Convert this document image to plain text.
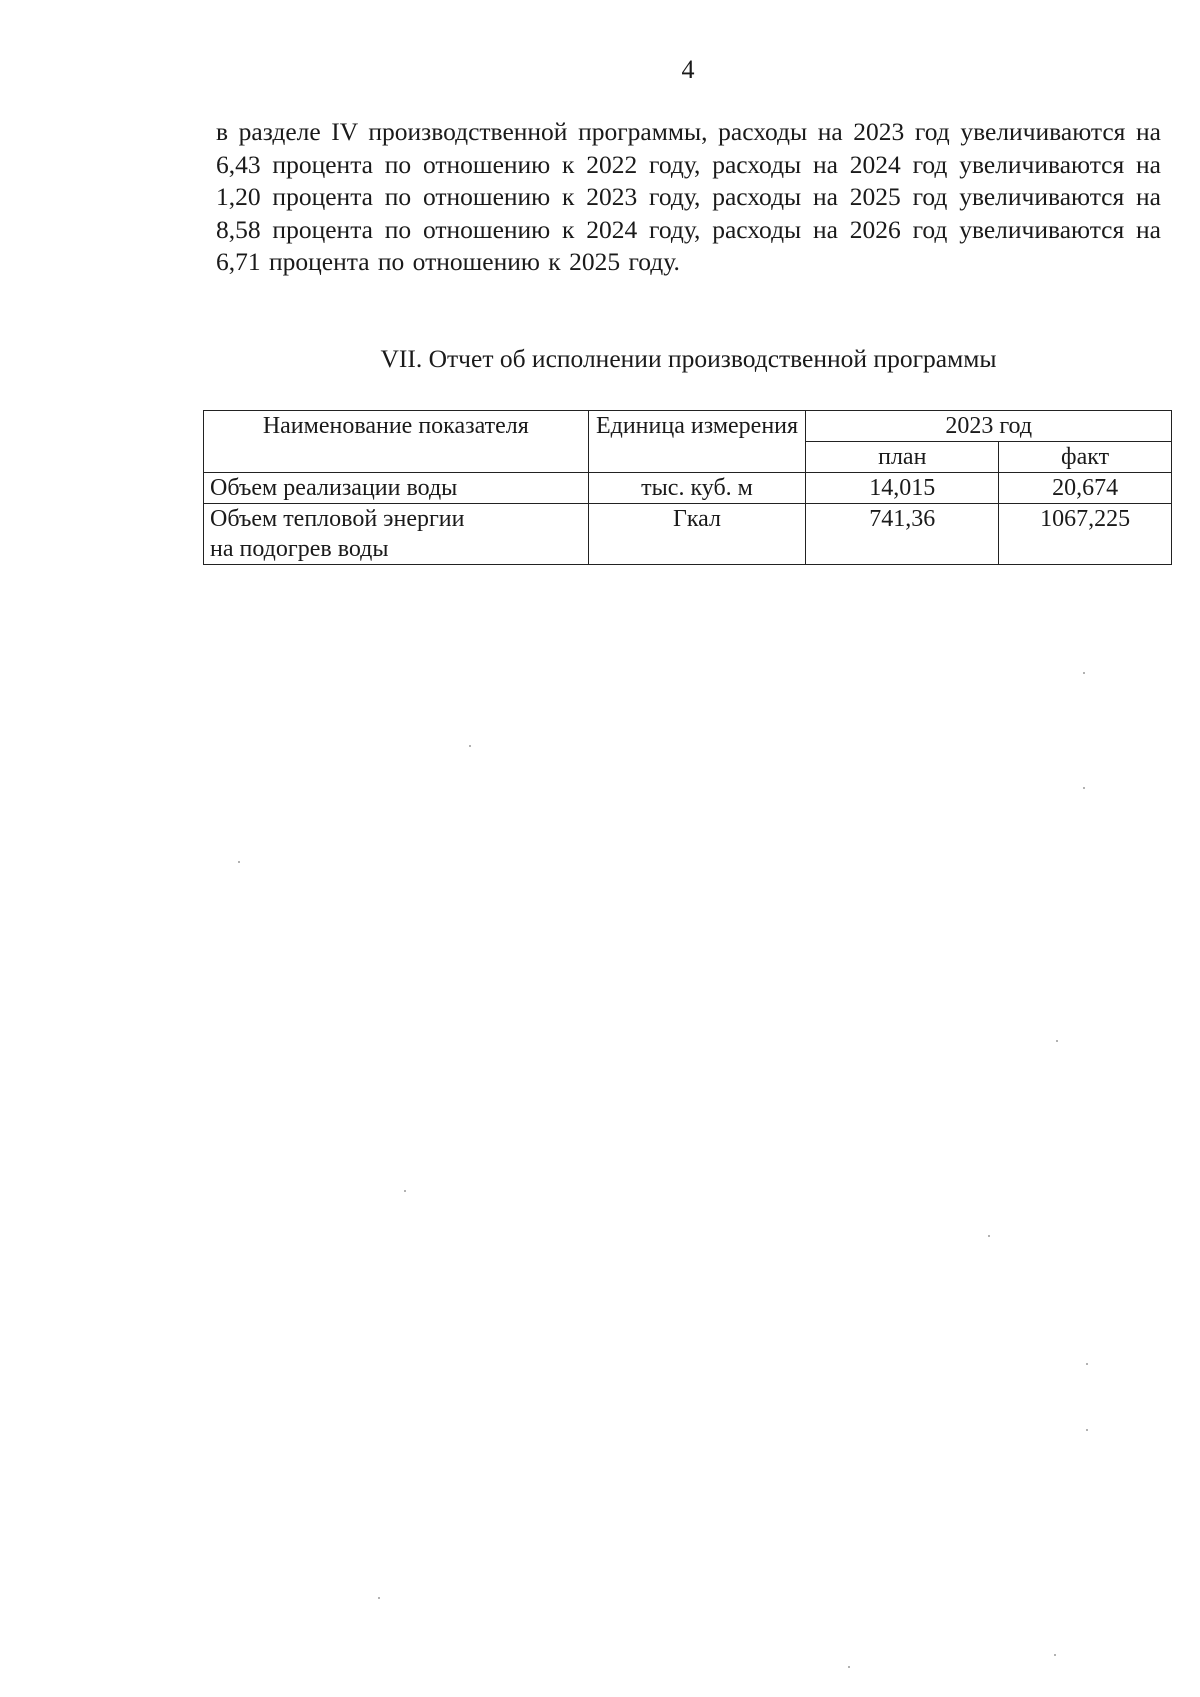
4

в разделе IV производственной программы, расходы на 2023 год увеличиваются на 6,43 процента по отношению к 2022 году, расходы на 2024 год увеличиваются на 1,20 процента по отношению к 2023 году, расходы на 2025 год увеличиваются на 8,58 процента по отношению к 2024 году, расходы на 2026 год увеличиваются на 6,71 процента по отношению к 2025 году.

VII. Отчет об исполнении производственной программы
Наименование показателя	Единица измерения	2023 год	
		план	факт
Объем реализации воды	тыс. куб. м	14,015	20,674
Объем тепловой энергии на подогрев воды	Гкал	741,36	1067,225
